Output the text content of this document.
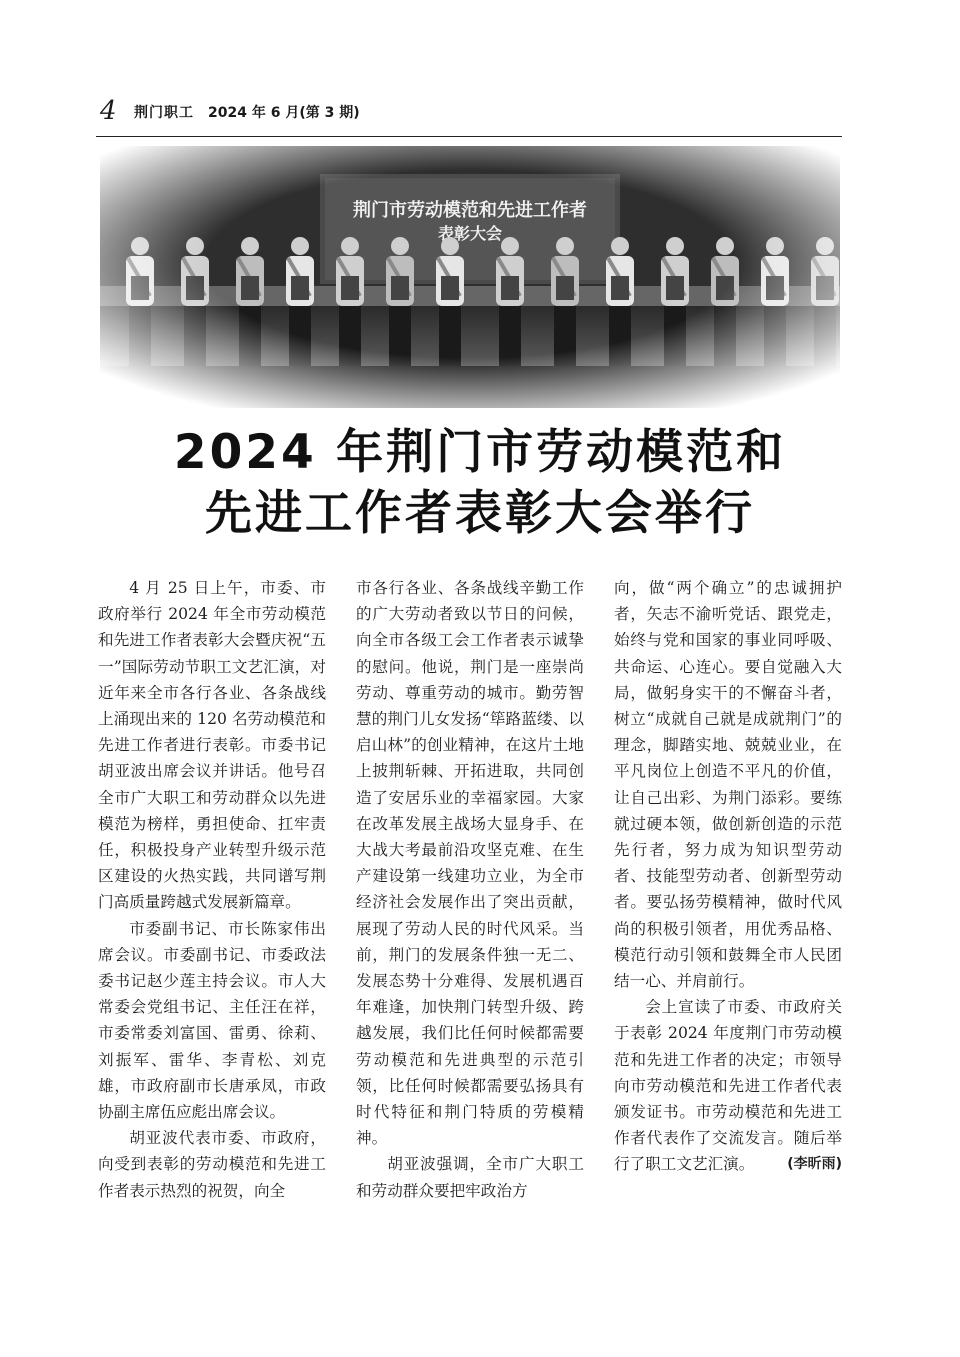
4 荆门职工 2024 年 6 月(第 3 期)
2024 年荆门市劳动模范和
先进工作者表彰大会举行

4 月 25 日上午，市委、市政府举行 2024 年全市劳动模范和先进工作者表彰大会暨庆祝“五一”国际劳动节职工文艺汇演，对近年来全市各行各业、各条战线上涌现出来的 120 名劳动模范和先进工作者进行表彰。市委书记胡亚波出席会议并讲话。他号召全市广大职工和劳动群众以先进模范为榜样，勇担使命、扛牢责任，积极投身产业转型升级示范区建设的火热实践，共同谱写荆门高质量跨越式发展新篇章。

市委副书记、市长陈家伟出席会议。市委副书记、市委政法委书记赵少莲主持会议。市人大常委会党组书记、主任汪在祥，市委常委刘富国、雷勇、徐莉、刘振军、雷华、李青松、刘克雄，市政府副市长唐承凤，市政协副主席伍应彪出席会议。

胡亚波代表市委、市政府，向受到表彰的劳动模范和先进工作者表示热烈的祝贺，向全

市各行各业、各条战线辛勤工作的广大劳动者致以节日的问候，向全市各级工会工作者表示诚挚的慰问。他说，荆门是一座崇尚劳动、尊重劳动的城市。勤劳智慧的荆门儿女发扬“筚路蓝缕、以启山林”的创业精神，在这片土地上披荆斩棘、开拓进取，共同创造了安居乐业的幸福家园。大家在改革发展主战场大显身手、在大战大考最前沿攻坚克难、在生产建设第一线建功立业，为全市经济社会发展作出了突出贡献，展现了劳动人民的时代风采。当前，荆门的发展条件独一无二、发展态势十分难得、发展机遇百年难逢，加快荆门转型升级、跨越发展，我们比任何时候都需要劳动模范和先进典型的示范引领，比任何时候都需要弘扬具有时代特征和荆门特质的劳模精神。

胡亚波强调，全市广大职工和劳动群众要把牢政治方

向，做“两个确立”的忠诚拥护者，矢志不渝听党话、跟党走，始终与党和国家的事业同呼吸、共命运、心连心。要自觉融入大局，做躬身实干的不懈奋斗者，树立“成就自己就是成就荆门”的理念，脚踏实地、兢兢业业，在平凡岗位上创造不平凡的价值，让自己出彩、为荆门添彩。要练就过硬本领，做创新创造的示范先行者，努力成为知识型劳动者、技能型劳动者、创新型劳动者。要弘扬劳模精神，做时代风尚的积极引领者，用优秀品格、模范行动引领和鼓舞全市人民团结一心、并肩前行。

会上宣读了市委、市政府关于表彰 2024 年度荆门市劳动模范和先进工作者的决定；市领导向市劳动模范和先进工作者代表颁发证书。市劳动模范和先进工作者代表作了交流发言。随后举行了职工文艺汇演。	(李昕雨)
